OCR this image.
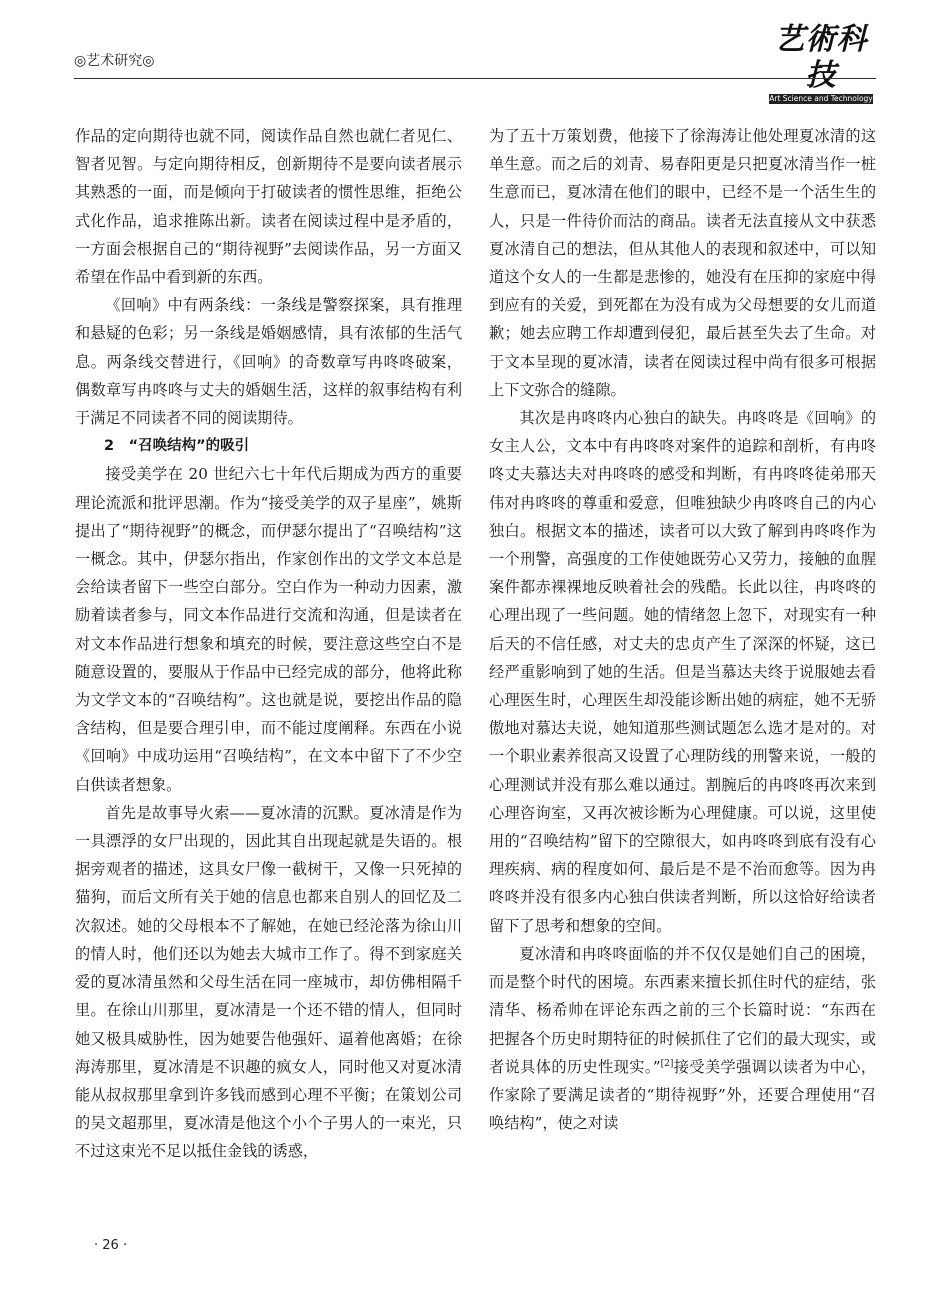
◎艺术研究◎
艺術科技
Art Science and Technology

作品的定向期待也就不同，阅读作品自然也就仁者见仁、智者见智。与定向期待相反，创新期待不是要向读者展示其熟悉的一面，而是倾向于打破读者的惯性思维，拒绝公式化作品，追求推陈出新。读者在阅读过程中是矛盾的，一方面会根据自己的“期待视野”去阅读作品，另一方面又希望在作品中看到新的东西。

《回响》中有两条线：一条线是警察探案，具有推理和悬疑的色彩；另一条线是婚姻感情，具有浓郁的生活气息。两条线交替进行，《回响》的奇数章写冉咚咚破案，偶数章写冉咚咚与丈夫的婚姻生活，这样的叙事结构有利于满足不同读者不同的阅读期待。

2　“召唤结构”的吸引

接受美学在 20 世纪六七十年代后期成为西方的重要理论流派和批评思潮。作为“接受美学的双子星座”，姚斯提出了“期待视野”的概念，而伊瑟尔提出了“召唤结构”这一概念。其中，伊瑟尔指出，作家创作出的文学文本总是会给读者留下一些空白部分。空白作为一种动力因素，激励着读者参与，同文本作品进行交流和沟通，但是读者在对文本作品进行想象和填充的时候，要注意这些空白不是随意设置的，要服从于作品中已经完成的部分，他将此称为文学文本的“召唤结构”。这也就是说，要挖出作品的隐含结构，但是要合理引申，而不能过度阐释。东西在小说《回响》中成功运用“召唤结构”，在文本中留下了不少空白供读者想象。

首先是故事导火索——夏冰清的沉默。夏冰清是作为一具漂浮的女尸出现的，因此其自出现起就是失语的。根据旁观者的描述，这具女尸像一截树干，又像一只死掉的猫狗，而后文所有关于她的信息也都来自别人的回忆及二次叙述。她的父母根本不了解她，在她已经沦落为徐山川的情人时，他们还以为她去大城市工作了。得不到家庭关爱的夏冰清虽然和父母生活在同一座城市，却仿佛相隔千里。在徐山川那里，夏冰清是一个还不错的情人，但同时她又极具威胁性，因为她要告他强奸、逼着他离婚；在徐海涛那里，夏冰清是不识趣的疯女人，同时他又对夏冰清能从叔叔那里拿到许多钱而感到心理不平衡；在策划公司的吴文超那里，夏冰清是他这个小个子男人的一束光，只不过这束光不足以抵住金钱的诱惑，

为了五十万策划费，他接下了徐海涛让他处理夏冰清的这单生意。而之后的刘青、易春阳更是只把夏冰清当作一桩生意而已，夏冰清在他们的眼中，已经不是一个活生生的人，只是一件待价而沽的商品。读者无法直接从文中获悉夏冰清自己的想法，但从其他人的表现和叙述中，可以知道这个女人的一生都是悲惨的，她没有在压抑的家庭中得到应有的关爱，到死都在为没有成为父母想要的女儿而道歉；她去应聘工作却遭到侵犯，最后甚至失去了生命。对于文本呈现的夏冰清，读者在阅读过程中尚有很多可根据上下文弥合的缝隙。

其次是冉咚咚内心独白的缺失。冉咚咚是《回响》的女主人公，文本中有冉咚咚对案件的追踪和剖析，有冉咚咚丈夫慕达夫对冉咚咚的感受和判断，有冉咚咚徒弟邢天伟对冉咚咚的尊重和爱意，但唯独缺少冉咚咚自己的内心独白。根据文本的描述，读者可以大致了解到冉咚咚作为一个刑警，高强度的工作使她既劳心又劳力，接触的血腥案件都赤裸裸地反映着社会的残酷。长此以往，冉咚咚的心理出现了一些问题。她的情绪忽上忽下，对现实有一种后天的不信任感，对丈夫的忠贞产生了深深的怀疑，这已经严重影响到了她的生活。但是当慕达夫终于说服她去看心理医生时，心理医生却没能诊断出她的病症，她不无骄傲地对慕达夫说，她知道那些测试题怎么选才是对的。对一个职业素养很高又设置了心理防线的刑警来说，一般的心理测试并没有那么难以通过。割腕后的冉咚咚再次来到心理咨询室，又再次被诊断为心理健康。可以说，这里使用的“召唤结构”留下的空隙很大，如冉咚咚到底有没有心理疾病、病的程度如何、最后是不是不治而愈等。因为冉咚咚并没有很多内心独白供读者判断，所以这恰好给读者留下了思考和想象的空间。

夏冰清和冉咚咚面临的并不仅仅是她们自己的困境，而是整个时代的困境。东西素来擅长抓住时代的症结，张清华、杨希帅在评论东西之前的三个长篇时说：“东西在把握各个历史时期特征的时候抓住了它们的最大现实，或者说具体的历史性现实。”[2]接受美学强调以读者为中心，作家除了要满足读者的“期待视野”外，还要合理使用“召唤结构”，使之对读

· 26 ·
